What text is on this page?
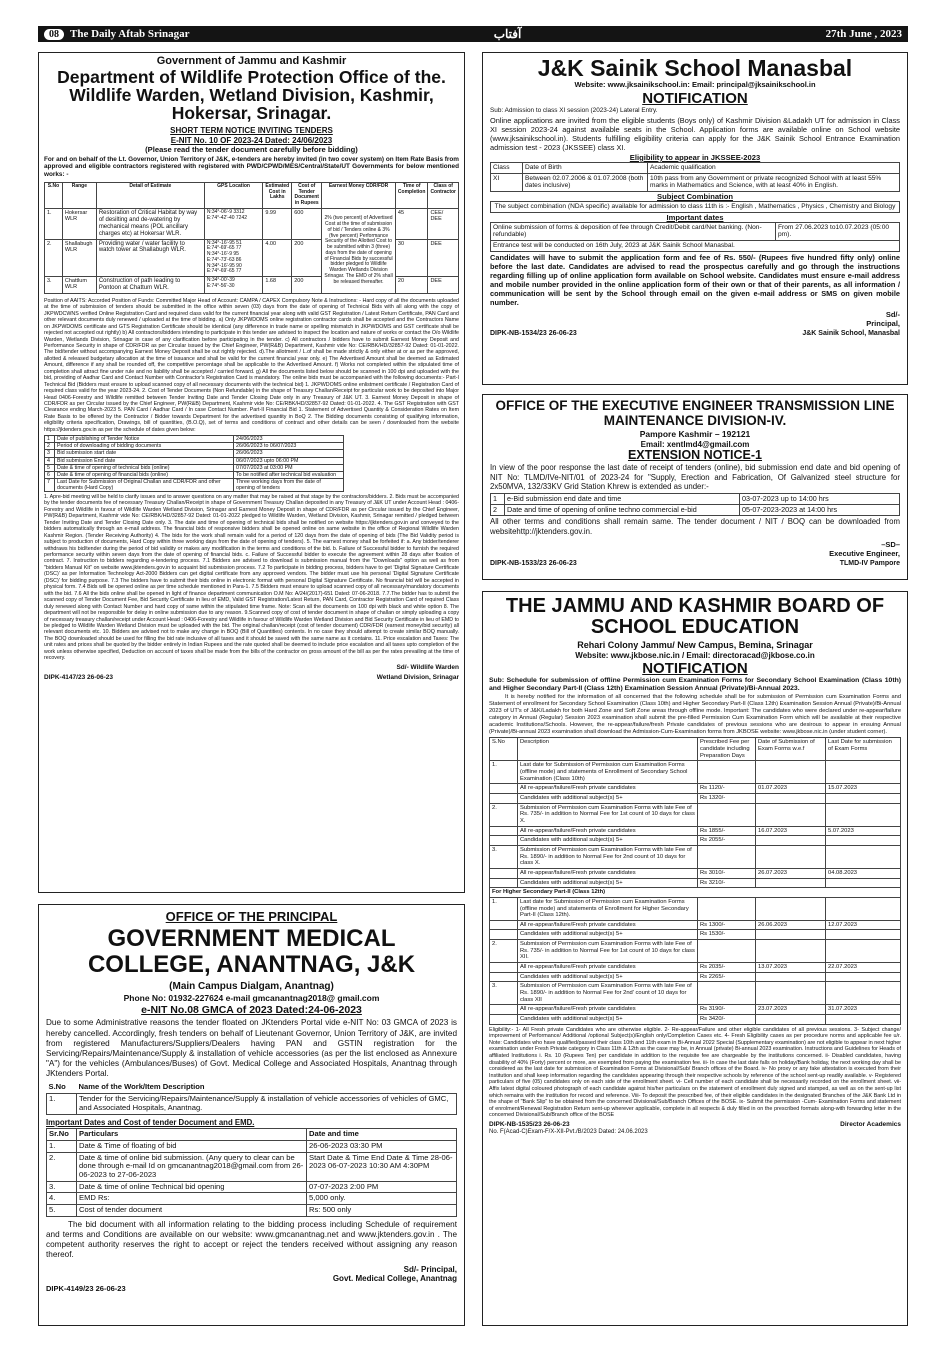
08	The Daily Aftab Srinagar	آفتاب	27th June , 2023
Government of Jammu and Kashmir
Department of Wildlife Protection Office of the. Wildlife Warden, Wetland Division, Kashmir, Hokersar, Srinagar.
SHORT TERM NOTICE INVITING TENDERS
E-NIT No. 10 OF 2023-24 Dated: 24/06/2023
(Please read the tender document carefully before bidding)

For and on behalf of the Lt. Governor, Union Territory of J&K, e-tenders are hereby invited (in two cover system) on Item Rate Basis from approved and eligible contractors registered with registered with PWD/CPWD/MES/Central/State/UT Governments for below mentioned works: -

S.No	Range	Detail of Estimate	GPS Location	Estimated Cost in Lakhs	Cost of Tender Document in Rupees	Earnest Money CDR/FDR	Time of Completion	Class of Contractor
1.	Hokersar WLR	Restoration of Critical Habitat by way of desilting and de-watering by mechanical means (POL ancillary charges etc) at Hokersar WLR.	N:34°-06'-9 3312 E:74°-42'-40 7242	9.99	600	2% (two percent) of Advertised Cost at the time of submission of bid / Tenders online & 3% (five percent) Performance Security of the Allotted Cost to be submitted within 3 (three) days from the date of opening of Financial Bids by successful bidder pledged to Wildlife Warden Wetlands Division Srinagar. The EMD of 2% shall be released thereafter.	45	CEE/ DEE
2.	Shallabugh WLR	Providing water / water facility to watch tower at Shallabugh WLR.	N:34°-16'-95 51 E:74°-69'-65 77 N:34°-16'-9 95 E:74°-73'-63 86 N:34°-16'-95 90 E:74°-69'-65 77	4.00	200		30	DEE
3.	Chattlum WLR	Construction of path leading to Pontoon at Chattum WLR.	N:34°-00'-39 E:74°-56'-30	1.68	200		20	DEE

Position of AAITS: Accorded Position of Funds: Committed Major Head of Account: CAMPA / CAPEX Compulsory Note & Instructions: - Hard copy of all the documents uploaded at the time of submission of tenders should be submitted in the office within seven (03) days from the date of opening of Technical Bids with all along with the copy of JKPWDCWNS verified Online Registration Card and required class valid for the current financial year along with valid GST Registration / Latest Return Certificate, PAN Card and other relevant documents duly renewed / uploaded at the time of bidding. a) Only JKPWDOMS online registration contractor cards shall be accepted and the Contractors Name on JKPWDOMS certificate and GTS Registration Certificate should be identical (any difference in trade name or spelling mismatch in JKPWDOMS and GST certificate shall be rejected not accepted out rightly) b) All contractors/bidders intending to participate in this tender are advised to inspect the location and nature of works or contact the O/o Wildlife Warden, Wetlands Division, Srinagar in case of any clarification before participating in the tender. c) All contractors / bidders have to submit Earnest Money Deposit and Performance Security in shape of CDR/FDR as per Circular issued by the Chief Engineer, PW(R&B) Department, Kashmir vide No: CE/RBK/HD/32857-92 Dated: 01-01-2022. The bid/tender without accompanying Earnest Money Deposit shall be out rightly rejected. d).The allotment / L.of shall be made strictly & only either at or as per the approved, allotted & released budgetary allocation at the time of issuance and shall be valid for the current financial year only. e) The Advertised Amount shall be deemed as Estimated Amount, difference if any shall be rounded off, the competitive percentage shall be applicable to the Advertised Amount. f) Works not completed within the stipulated time of completion shall attract fine under rule and no liability shall be accepted / carried forward. g) All the documents listed below should be scanned in 100 dpi and uploaded with the bid, providing of Aadhar Card and Contact Number with Contractor's Registration Card is mandatory. The online bids must be accompanied with the following documents:- Part-I Technical Bid (Bidders must ensure to upload scanned copy of all necessary documents with the technical bid) 1. JKPWDOMS online enlistment certificate / Registration Card of required class valid for the year 2023-24. 2. Cost of Tender Documents (Non Refundable) in the shape of Treasury Challan/Receipt for particular work to be deposited into Major Head 0406-Forestry and Wildlife remitted between Tender Inviting Date and Tender Closing Date only in any Treasury of J&K UT. 3. Earnest Money Deposit in shape of CDR/FDR as per Circular issued by the Chief Engineer, PW(R&B) Department, Kashmir vide No: CE/RBK/HD/32857-92 Dated: 01-01-2022. 4. The GST Registration with GST Clearance ending March-2023 5. PAN Card / Aadhar Card / In case Contact Number. Part-II Financial Bid 1. Statement of Advertised Quantity & Consideration Rates on Item Rate Basis to be offered by the Contractor / Bidder towards Department for the advertised quantity in BoQ 2. The Bidding documents consisting of qualifying information, eligibility criteria specification, Drawings, bill of quantities, (B.O.Q), set of terms and conditions of contract and other details can be seen / downloaded from the website https://jktenders.gov.in as per the schedule of dates given below:

1	Date of publishing of Tender Notice	24/06/2023
2	Period of downloading of bidding documents	26/06/2023 to 06/07/2023
3	Bid submission start date	26/06/2023
4	Bid submission End date	06/07/2023 upto 06:00 PM
5	Date & time of opening of technical bids (online)	07/07/2023 at 03:00 PM
6	Date & time of opening of financial bids (online)	To be notified after technical bid evaluation
7	Last Date for Submission of Original Challan and CDR/FDR and other documents (Hard Copy)	Three working days from the date of opening of tenders

1. Apre-bid meeting will be held to clarify issues and to answer questions on any matter that may be raised at that stage by the contractors/bidders. 2. Bids must be accompanied by the tender documents fee of necessary Treasury Challan/Receipt in shape of Government Treasury Challan deposited in any Treasury of J&K UT under Account Head : 0406-Forestry and Wildlife in favour of Wildlife Warden Wetland Division, Srinagar and Earnest Money Deposit in shape of CDR/FDR as per Circular issued by the Chief Engineer, PW(R&B) Department, Kashmir vide No: CE/RBK/HD/32857-92 Dated: 01-01-2022 pledged to Wildlife Warden, Wetland Division, Kashmir, Srinagar remitted / pledged between Tender Inviting Date and Tender Closing Date only. 3. The date and time of opening of technical bids shall be notified on website https://jktenders.gov.in and conveyed to the bidders automatically through an e-mail address. The financial bids of responsive bidders shall be opened online on same website in the office of Regional Wildlife Warden Kashmir Region. (Tender Receiving Authority) 4. The bids for the work shall remain valid for a period of 120 days from the date of opening of bids (The Bid Validity period is subject to production of documents, Hard Copy within three working days from the date of opening of tenders). 5. The earnest money shall be forfeited if: a. Any bidder/tenderer withdraws his bid/tender during the period of bid validity or makes any modification in the terms and conditions of the bid. b. Failure of Successful bidder to furnish the required performance security within seven days from the date of opening of financial bids. c. Failure of Successful bidder to execute the agreement within 28 days after fixation of contract. 7. Instruction to bidders regarding e-tendering process. 7.1 Bidders are advised to download is submission manual from the "Downloads" option as well as from "bidders Manual Kit" on website www.jktenders.gov.in to acquaint bid submission process. 7.2 To participate in bidding process, bidders have to get 'Digital Signature Certificate (DSC)' as per Information Technology Act-2000 Bidders can get digital certificate from any approved vendors. The bidder must use his personal 'Digital Signature Certificate (DSC)' for bidding purpose. 7.3 The bidders have to submit their bids online in electronic format with personal Digital Signature Certificate. No financial bid will be accepted in physical form. 7.4 Bids will be opened online as per time schedule mentioned in Para-1. 7.5 Bidders must ensure to upload scanned copy of all necessary/mandatory documents with the bid. 7.6 All the bids online shall be opened in light of finance department communication O.M No: A/24/(2017)-651 Dated: 07-06-2018. 7.7.The bidder has to submit the scanned copy of Tender Document Fee, Bid Security Certificate in lieu of EMD, Valid GST Registration/Latest Return, PAN Card, Contractor Registration Card of required Class duly renewed along with Contact Number and hard copy of same within the stipulated time frame. Note: Scan all the documents on 100 dpi with black and white option 8. The department will not be responsible for delay in online submission due to any reason. 9.Scanned copy of cost of tender document in shape of challan or simply uploading a copy of necessary treasury challan/receipt under Account Head : 0406-Forestry and Wildlife in favour of Wildlife Warden Wetland Division and Bid Security Certificate in lieu of EMD to be pledged to Wildlife Warden Wetland Division must be uploaded with the bid. The original challan/receipt (cost of tender document) CDR/FDR (earnest money/bid security) all relevant documents etc. 10. Bidders are advised not to make any change in BOQ (Bill of Quantities) contents. In no case they should attempt to create similar BOQ manually. The BOQ downloaded should be used for filling the bid rate inclusive of all taxes and it should be saved with the same name as it contains. 11. Price escalation and Taxes: The unit rates and prices shall be quoted by the bidder entirely in Indian Rupees and the rate quoted shall be deemed to include price escalation and all taxes upto completion of the work unless otherwise specified, Deduction on account of taxes shall be made from the bills of the contractor on gross amount of the bill as per the rates prevailing at the time of recovery.

Sd/- Wildlife Warden
DIPK-4147/23 26-06-23	Wetland Division, Srinagar
OFFICE OF THE PRINCIPAL
GOVERNMENT MEDICAL COLLEGE, ANANTNAG, J&K
(Main Campus Dialgam, Anantnag)
Phone No: 01932-227624 e-mail gmcanantnag2018@ gmail.com
e-NIT No.08 GMCA of 2023 Dated:24-06-2023

Due to some Administrative reasons the tender floated on JKtenders Portal vide e-NIT No: 03 GMCA of 2023 is hereby cancelled. Accordingly, fresh tenders on behalf of Lieutenant Governor, Union Territory of J&K, are invited from registered Manufacturers/Suppliers/Dealers having PAN and GSTIN registration for the Servicing/Repairs/Maintenance/Supply & installation of vehicle accessories (as per the list enclosed as Annexure "A") for the vehicles (Ambulances/Buses) of Govt. Medical College and Associated Hospitals, Anantnag through JKtenders Portal.

S.No	Name of the Work/Item Description
1.	Tender for the Servicing/Repairs/Maintenance/Supply & installation of vehicle accessories of vehicles of GMC, and Associated Hospitals, Anantnag.
Important Dates and Cost of tender Document and EMD.
Sr.No	Particulars	Date and time
1.	Date & Time of floating of bid	26-06-2023 03:30 PM
2.	Date & time of online bid submission. (Any query to clear can be done through e-mail Id on gmcanantnag2018@gmail.com from 26-06-2023 to 27-06-2023	Start Date & Time End Date & Time 28-06-2023 06-07-2023 10:30 AM 4:30PM
3.	Date & time of online Technical bid opening	07-07-2023 2:00 PM
4.	EMD Rs:	5,000 only.
5.	Cost of tender document	Rs: 500 only

The bid document with all information relating to the bidding process including Schedule of requirement and terms and Conditions are available on our website: www.gmcanantnag.net and www.jktenders.gov.in . The competent authority reserves the right to accept or reject the tenders received without assigning any reason thereof.

Sd/- Principal,
Govt. Medical College, Anantnag
DIPK-4149/23 26-06-23
J&K Sainik School Manasbal
Website: www.jksainikschool.in: Email: principal@jksainikschool.in
NOTIFICATION

Sub: Admission to class XI session (2023-24) Lateral Entry.

Online applications are invited from the eligible students (Boys only) of Kashmir Division &Ladakh UT for admission in Class XI session 2023-24 against available seats in the School. Application forms are available online on School website (www.jksainikschool.in). Students fulfilling eligibility criteria can apply for the J&K Sainik School Entrance Examination admission test - 2023 (JKSSEE) class XI.

Eligibility to appear in JKSSEE-2023
Class	Date of Birth	Academic qualification
XI	Between 02.07.2006 & 01.07.2008 (both dates inclusive)	10th pass from any Government or private recognized School with at least 55% marks in Mathematics and Science, with at least 40% in English.
Subject Combination
The subject combination (NDA specific) available for admission to class 11th is :- English , Mathematics , Physics , Chemistry and Biology
Important dates
Online submission of forms & deposition of fee through Credit/Debit card/Net banking. (Non-refundable)	From 27.06.2023 to10.07.2023 (05:00 pm).
Entrance test will be conducted on 16th July, 2023 at J&K Sainik School Manasbal.

Candidates will have to submit the application form and fee of Rs. 550/- (Rupees five hundred fifty only) online before the last date. Candidates are advised to read the prospectus carefully and go through the instructions regarding filling up of online application form available on School website. Candidates must ensure e-mail address and mobile number provided in the online application form of their own or that of their parents, as all information / communication will be sent by the School through email on the given e-mail address or SMS on given mobile number.

Sd/-
Principal,
DIPK-NB-1534/23 26-06-23	J&K Sainik School, Manasbal
OFFICE OF THE EXECUTIVE ENGINEER TRANSMISSION LINE MAINTENANCE DIVISION-IV.
Pampore Kashmir – 192121
Email: xentlmd4@gmail.com
EXTENSION NOTICE-1

In view of the poor response the last date of receipt of tenders (online), bid submission end date and bid opening of NIT No: TLMD/IVe-NIT/01 of 2023-24 for "Supply, Erection and Fabrication, Of Galvanized steel structure for 2x50MVA, 132/33KV Grid Station Khrew is extended as under:-

1	e-Bid submission end date and time	03-07-2023 up to 14:00 hrs
2	Date and time of opening of online techno commercial e-bid	05-07-2023-2023 at 14:00 hrs

All other terms and conditions shall remain same. The tender document / NIT / BOQ can be downloaded from websitehttp://jktenders.gov.in.

–SD–
Executive Engineer,
DIPK-NB-1533/23 26-06-23	TLMD-IV Pampore
THE JAMMU AND KASHMIR BOARD OF SCHOOL EDUCATION
Rehari Colony Jammu/ New Campus, Bemina, Srinagar
Website: www.jkbose.nic.in / Email: directoracad@jkbose.co.in
NOTIFICATION

Sub: Schedule for submission of offline Permission cum Examination Forms for Secondary School Examination (Class 10th) and Higher Secondary Part-II (Class 12th) Examination Session Annual (Private)/Bi-Annual 2023.

It is hereby notified for the information of all concerned that the following schedule shall be for submission of Permission cum Examination Forms and Statement of enrollment for Secondary School Examination (Class 10th) and Higher Secondary Part-II (Class 12th) Examination Session Annual (Private)/Bi-Annual 2023 of UT's of J&K/Ladakh for both Hard Zone and Soft Zone areas through offline mode. Important: The candidates who were declared under re-appear/failure category in Annual (Regular) Session 2023 examination shall submit the pre-filled Permission Cum Examination Form which will be available at their respective academic Institutions/Schools. However, the re-appear/failure/fresh Private candidates of previous sessions who are desirous to appear in ensuing Annual (Private)/Bi-annual 2023 examination shall download the Admission-Cum-Examination forms from JKBOSE website: www.jkbose.nic.in (under student corner).

S.No	Description	Prescribed Fee per candidate including Preparation Days	Date of Submission of Exam Forms w.e.f	Last Date for submission of Exam Forms
1.	Last date for Submission of Permission cum Examination Forms (offline mode) and statements of Enrollment of Secondary School Examination (Class 10th)			
	All re-appear/failure/Fresh private candidates	Rs 1120/-	01.07.2023	15.07.2023
	Candidates with additional subject(s) 5+	Rs 1320/-		
2.	Submission of Permission cum Examination Forms with late Fee of Rs. 735/- in addition to Normal Fee for 1st count of 10 days for class X.			
	All re-appear/failure/Fresh private candidates	Rs 1855/-	16.07.2023	5.07.2023
	Candidates with additional subject(s) 5+	Rs 2055/-		
3.	Submission of Permission cum Examination Forms with late Fee of Rs. 1890/- in addition to Normal Fee for 2nd count of 10 days for class X.			
	All re-appear/failure/Fresh private candidates	Rs 3010/-	26.07.2023	04.08.2023
	Candidates with additional subject(s) 5+	Rs 3210/-		
For Higher Secondary Part-II (Class 12th)				
1.	Last date for Submission of Permission cum Examination Forms (offline mode) and statements of Enrollment for Higher Secondary Part-II (Class 12th).			
	All re-appear/failure/Fresh private candidates	Rs 1300/-	26.06.2023	12.07.2023
	Candidates with additional subject(s) 5+	Rs 1530/-		
2.	Submission of Permission cum Examination Forms with late Fee of Rs. 735/- in addition to Normal Fee for 1st count of 10 days for class XII.			
	All re-appear/failure/Fresh private candidates	Rs 2035/-	13.07.2023	22.07.2023
	Candidates with additional subject(s) 5+	Rs 2265/-		
3.	Submission of Permission cum Examination Forms with late Fee of Rs. 1890/- in addition to Normal Fee for 2nd' count of 10 days for class XII			
	All re-appear/failure/Fresh private candidates	Rs 3190/-	23.07.2023	31.07.2023
	Candidates with additional subject(s) 5+	Rs 3420/-		

Eligibility:- 1- All Fresh private Candidates who are otherwise eligible. 2- Re-appear/Failure and other eligible candidates of all previous sessions. 3- Subject change/ improvement of Performance/ Additional /optional Subject(s)/English only/Completion Cases etc. 4- Fresh Eligibility cases as per procedure norms and applicable fee u/r. Note: Candidates who have qualified/passed their class 10th and 11th exam in Bi-Annual 2022 Special (Supplementary examination) are not eligible to appear in next higher examination under Fresh Private category in Class 11th & 12th as the case may be, in Annual (private) Bi-annual 2023 examination. Instructions and Guidelines for Heads of affiliated Institutions i. Rs. 10 (Rupees Ten) per candidate in addition to the requisite fee are chargeable by the institutions concerned. ii- Disabled candidates, having disability of 40% (Forty) percent or more, are exempted from paying the examination fee. iii- In case the last date falls on holiday/Bank holiday, the next working day shall be considered as the last date for submission of Examination Forms at Divisional/Sub/ Branch offices of the Board. iv- No proxy or any fake attestation is executed from their Institution and shall keep information regarding the candidates appearing through their respective schools by reference of the school sent-up readily available. v- Registered particulars of five (05) candidates only on each side of the enrollment sheet. vi- Cell number of each candidate shall be necessarily recorded on the enrollment sheet. vii- Affix latest digital coloured photograph of each candidate against his/her particulars on the statement of enrollment duly signed and stamped, as well as on the sent-up list which remains with the institution for record and reference. Viii- To deposit the prescribed fee, of their eligible candidates in the designated Branches of the J&K Bank Ltd in the shape of "Bank Slip" to be obtained from the concerned Divisional/Sub/Branch Offices of the BOSE. ix- Submit the permission -Cum- Examination Forms and statement of enrolment/Renewal Registration Return sent-up wherever applicable, complete in all respects & duly filled in on the prescribed formats along-with forwarding letter in the concerned Divisional/Sub/Branch office of the BOSE

DIPK-NB-1535/23 26-06-23	Director Academics
No. F(Acad-C)Exam-F/X-XII-Pvt./B/2023 Dated: 24.06.2023
